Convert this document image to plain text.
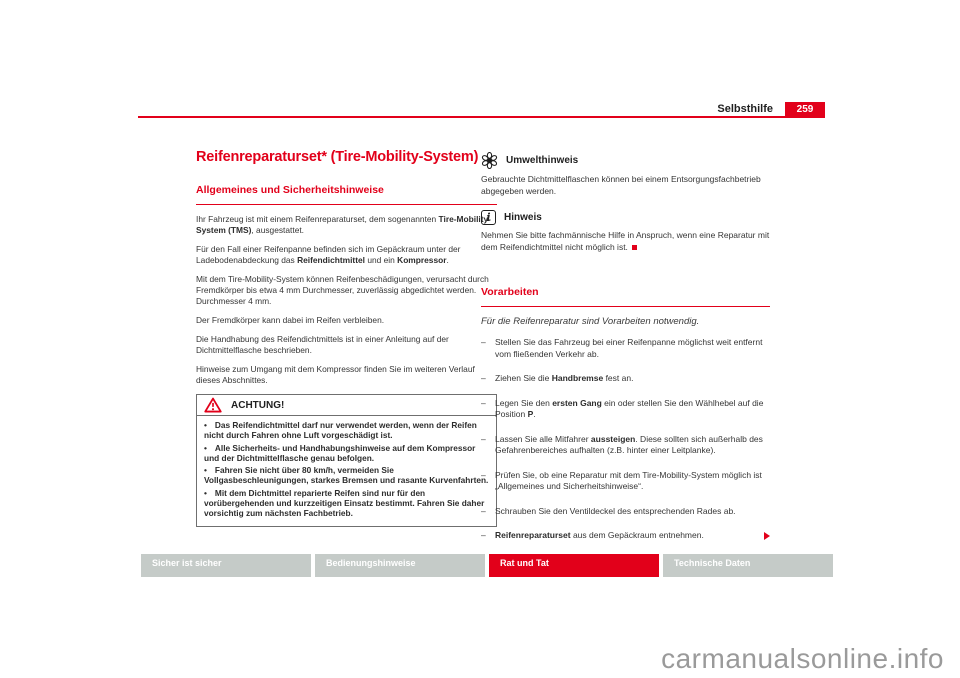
Selbsthilfe	259
Reifenreparaturset* (Tire-Mobility-System)
Allgemeines und Sicherheitshinweise

Ihr Fahrzeug ist mit einem Reifenreparaturset, dem sogenannten Tire-Mobility-System (TMS), ausgestattet.

Für den Fall einer Reifenpanne befinden sich im Gepäckraum unter der Ladebodenabdeckung das Reifendichtmittel und ein Kompressor.

Mit dem Tire-Mobility-System können Reifenbeschädigungen, verursacht durch Fremdkörper bis etwa 4 mm Durchmesser, zuverlässig abgedichtet werden. Durchmesser 4 mm.

Der Fremdkörper kann dabei im Reifen verbleiben.

Die Handhabung des Reifendichtmittels ist in einer Anleitung auf der Dichtmittelflasche beschrieben.

Hinweise zum Umgang mit dem Kompressor finden Sie im weiteren Verlauf dieses Abschnittes.

ACHTUNG!

• Das Reifendichtmittel darf nur verwendet werden, wenn der Reifen nicht durch Fahren ohne Luft vorgeschädigt ist.

• Alle Sicherheits- und Handhabungshinweise auf dem Kompressor und der Dichtmittelflasche genau befolgen.

• Fahren Sie nicht über 80 km/h, vermeiden Sie Vollgasbeschleunigungen, starkes Bremsen und rasante Kurvenfahrten.

• Mit dem Dichtmittel reparierte Reifen sind nur für den vorübergehenden und kurzzeitigen Einsatz bestimmt. Fahren Sie daher vorsichtig zum nächsten Fachbetrieb.

Umwelthinweis

Gebrauchte Dichtmittelflaschen können bei einem Entsorgungsfachbetrieb abgegeben werden.

i
Hinweis

Nehmen Sie bitte fachmännische Hilfe in Anspruch, wenn eine Reparatur mit dem Reifendichtmittel nicht möglich ist.

Vorarbeiten

Für die Reifenreparatur sind Vorarbeiten notwendig.

– Stellen Sie das Fahrzeug bei einer Reifenpanne möglichst weit entfernt vom fließenden Verkehr ab.
– Ziehen Sie die Handbremse fest an.
– Legen Sie den ersten Gang ein oder stellen Sie den Wählhebel auf die Position P.
– Lassen Sie alle Mitfahrer aussteigen. Diese sollten sich außerhalb des Gefahrenbereiches aufhalten (z.B. hinter einer Leitplanke).
– Prüfen Sie, ob eine Reparatur mit dem Tire-Mobility-System möglich ist „Allgemeines und Sicherheitshinweise“.
– Schrauben Sie den Ventildeckel des entsprechenden Rades ab.
– Reifenreparaturset aus dem Gepäckraum entnehmen.
Sicher ist sicher	Bedienungshinweise	Rat und Tat	Technische Daten
carmanualsonline.info
